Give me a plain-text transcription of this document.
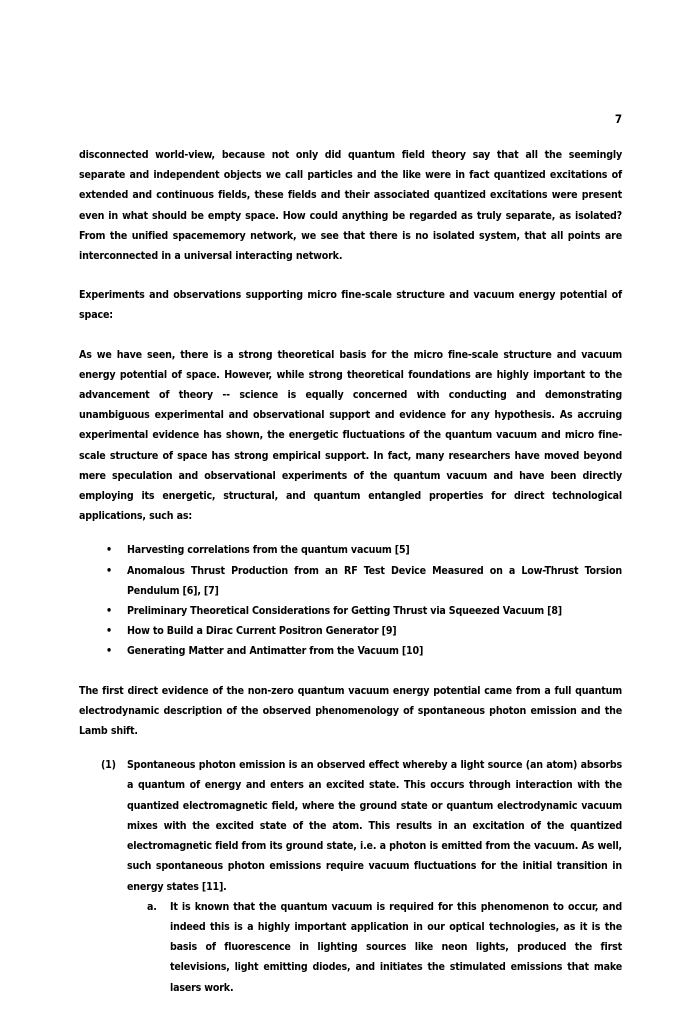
7

disconnected world-view, because not only did quantum field theory say that all the seemingly separate and independent objects we call particles and the like were in fact quantized excitations of extended and continuous fields, these fields and their associated quantized excitations were present even in what should be empty space. How could anything be regarded as truly separate, as isolated? From the unified spacememory network, we see that there is no isolated system, that all points are interconnected in a universal interacting network.

Experiments and observations supporting micro fine-scale structure and vacuum energy potential of space:

As we have seen, there is a strong theoretical basis for the micro fine-scale structure and vacuum energy potential of space. However, while strong theoretical foundations are highly important to the advancement of theory -- science is equally concerned with conducting and demonstrating unambiguous experimental and observational support and evidence for any hypothesis. As accruing experimental evidence has shown, the energetic fluctuations of the quantum vacuum and micro fine-scale structure of space has strong empirical support. In fact, many researchers have moved beyond mere speculation and observational experiments of the quantum vacuum and have been directly employing its energetic, structural, and quantum entangled properties for direct technological applications, such as:

• Harvesting correlations from the quantum vacuum [5]
• Anomalous Thrust Production from an RF Test Device Measured on a Low-Thrust Torsion Pendulum [6], [7]
• Preliminary Theoretical Considerations for Getting Thrust via Squeezed Vacuum [8]
• How to Build a Dirac Current Positron Generator [9]
• Generating Matter and Antimatter from the Vacuum [10]

The first direct evidence of the non-zero quantum vacuum energy potential came from a full quantum electrodynamic description of the observed phenomenology of spontaneous photon emission and the Lamb shift.

(1)	Spontaneous photon emission is an observed effect whereby a light source (an atom) absorbs a quantum of energy and enters an excited state. This occurs through interaction with the quantized electromagnetic field, where the ground state or quantum electrodynamic vacuum mixes with the excited state of the atom. This results in an excitation of the quantized electromagnetic field from its ground state, i.e. a photon is emitted from the vacuum. As well, such spontaneous photon emissions require vacuum fluctuations for the initial transition in energy states [11].
a.	It is known that the quantum vacuum is required for this phenomenon to occur, and indeed this is a highly important application in our optical technologies, as it is the basis of fluorescence in lighting sources like neon lights, produced the first televisions, light emitting diodes, and initiates the stimulated emissions that make lasers work.
